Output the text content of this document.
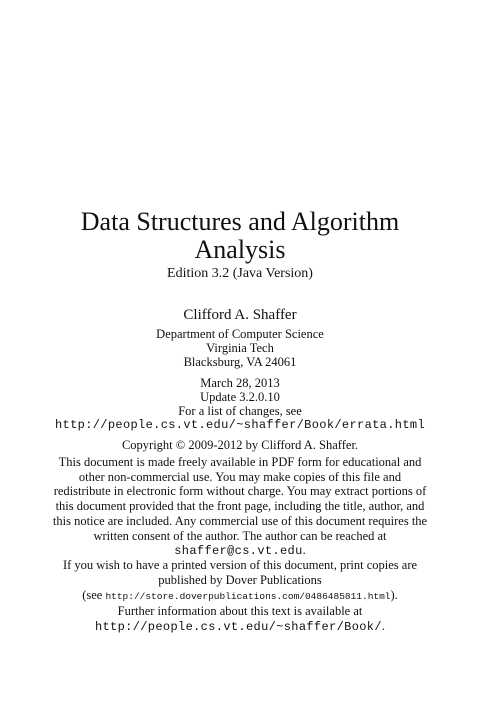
Data Structures and Algorithm
Analysis
Edition 3.2 (Java Version)
Clifford A. Shaffer
Department of Computer Science
Virginia Tech
Blacksburg, VA 24061
March 28, 2013
Update 3.2.0.10
For a list of changes, see
http://people.cs.vt.edu/~shaffer/Book/errata.html
Copyright © 2009-2012 by Clifford A. Shaffer.
This document is made freely available in PDF form for educational and
other non-commercial use. You may make copies of this file and
redistribute in electronic form without charge. You may extract portions of
this document provided that the front page, including the title, author, and
this notice are included. Any commercial use of this document requires the
written consent of the author. The author can be reached at
shaffer@cs.vt.edu.
If you wish to have a printed version of this document, print copies are
published by Dover Publications
(see http://store.doverpublications.com/0486485811.html).
Further information about this text is available at
http://people.cs.vt.edu/~shaffer/Book/.
